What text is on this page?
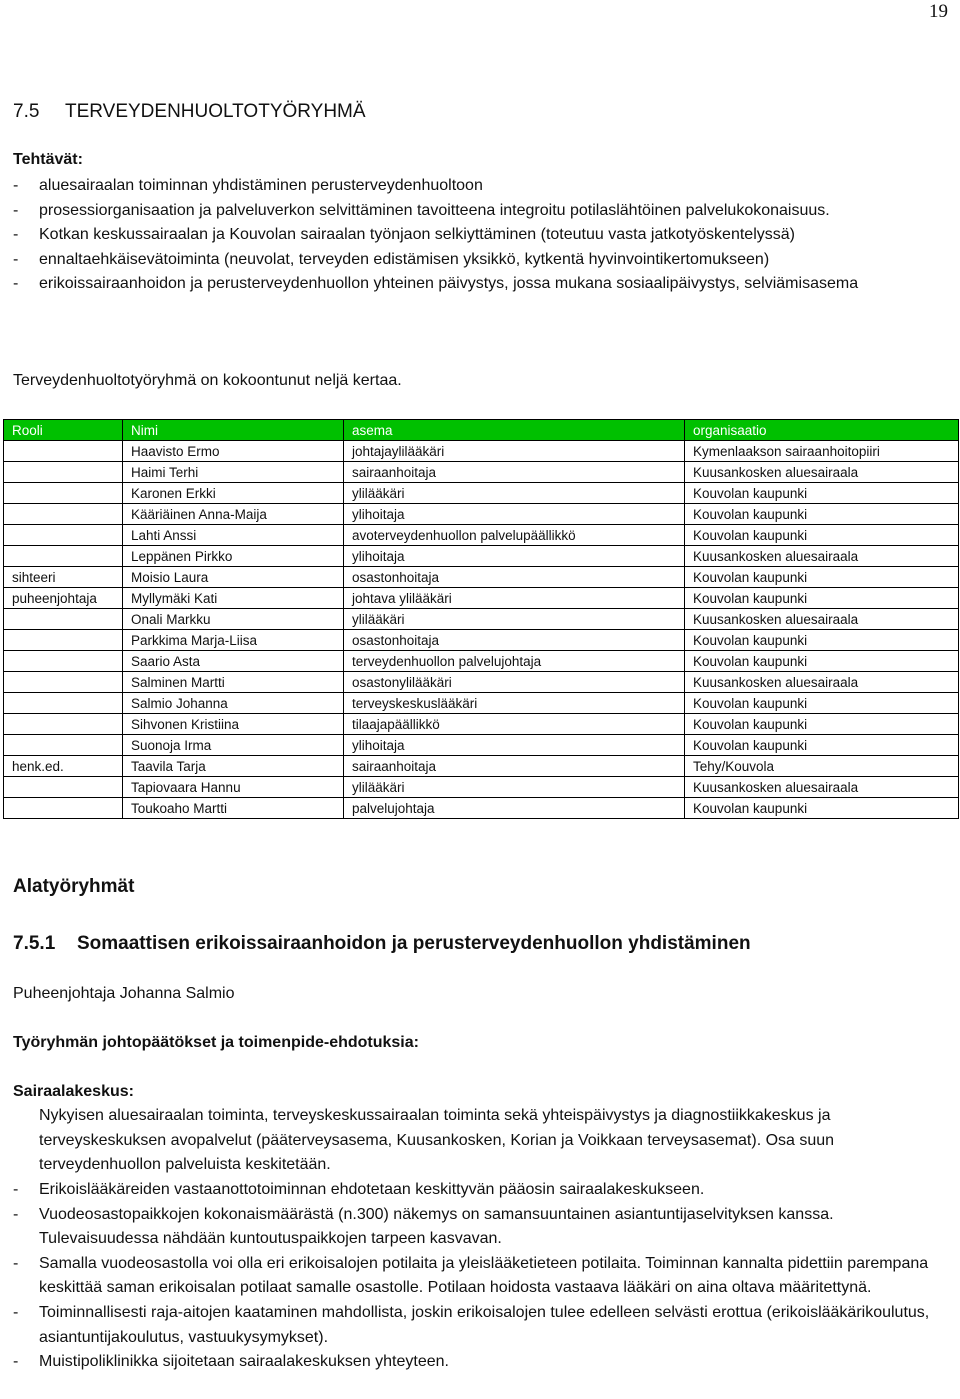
19
7.5 TERVEYDENHUOLTOTYÖRYHMÄ
Tehtävät:
- aluesairaalan toiminnan yhdistäminen perusterveydenhuoltoon
- prosessiorganisaation ja palveluverkon selvittäminen tavoitteena integroitu potilaslähtöinen palvelukokonaisuus.
- Kotkan keskussairaalan ja Kouvolan sairaalan työnjaon selkiyttäminen (toteutuu vasta jatkotyöskentelyssä)
- ennaltaehkäisevätoiminta (neuvolat, terveyden edistämisen yksikkö, kytkentä hyvinvointikertomukseen)
- erikoissairaanhoidon ja perusterveydenhuollon yhteinen päivystys, jossa mukana sosiaalipäivystys, selviämisasema
Terveydenhuoltotyöryhmä on kokoontunut neljä kertaa.
Rooli	Nimi	asema	organisaatio
	Haavisto Ermo	johtajaylilääkäri	Kymenlaakson sairaanhoitopiiri
	Haimi Terhi	sairaanhoitaja	Kuusankosken aluesairaala
	Karonen Erkki	ylilääkäri	Kouvolan kaupunki
	Kääriäinen Anna-Maija	ylihoitaja	Kouvolan kaupunki
	Lahti Anssi	avoterveydenhuollon palvelupäällikkö	Kouvolan kaupunki
	Leppänen Pirkko	ylihoitaja	Kuusankosken aluesairaala
sihteeri	Moisio Laura	osastonhoitaja	Kouvolan kaupunki
puheenjohtaja	Myllymäki Kati	johtava ylilääkäri	Kouvolan kaupunki
	Onali Markku	ylilääkäri	Kuusankosken aluesairaala
	Parkkima Marja-Liisa	osastonhoitaja	Kouvolan kaupunki
	Saario Asta	terveydenhuollon palvelujohtaja	Kouvolan kaupunki
	Salminen Martti	osastonylilääkäri	Kuusankosken aluesairaala
	Salmio Johanna	terveyskeskuslääkäri	Kouvolan kaupunki
	Sihvonen Kristiina	tilaajapäällikkö	Kouvolan kaupunki
	Suonoja Irma	ylihoitaja	Kouvolan kaupunki
henk.ed.	Taavila Tarja	sairaanhoitaja	Tehy/Kouvola
	Tapiovaara Hannu	ylilääkäri	Kuusankosken aluesairaala
	Toukoaho Martti	palvelujohtaja	Kouvolan kaupunki
Alatyöryhmät
7.5.1 Somaattisen erikoissairaanhoidon ja perusterveydenhuollon yhdistäminen
Puheenjohtaja Johanna Salmio
Työryhmän johtopäätökset ja toimenpide-ehdotuksia:
Sairaalakeskus:

Nykyisen aluesairaalan toiminta, terveyskeskussairaalan toiminta sekä yhteispäivystys ja diagnostiikkakeskus ja terveyskeskuksen avopalvelut (pääterveysasema, Kuusankosken, Korian ja Voikkaan terveysasemat). Osa suun terveydenhuollon palveluista keskitetään.

- Erikoislääkäreiden vastaanottotoiminnan ehdotetaan keskittyvän pääosin sairaalakeskukseen.
- Vuodeosastopaikkojen kokonaismäärästä (n.300) näkemys on samansuuntainen asiantuntijaselvityksen kanssa. Tulevaisuudessa nähdään kuntoutuspaikkojen tarpeen kasvavan.
- Samalla vuodeosastolla voi olla eri erikoisalojen potilaita ja yleislääketieteen potilaita. Toiminnan kannalta pidettiin parempana keskittää saman erikoisalan potilaat samalle osastolle. Potilaan hoidosta vastaava lääkäri on aina oltava määritettynä.
- Toiminnallisesti raja-aitojen kaataminen mahdollista, joskin erikoisalojen tulee edelleen selvästi erottua (erikoislääkärikoulutus, asiantuntijakoulutus, vastuukysymykset).
- Muistipoliklinikka sijoitetaan sairaalakeskuksen yhteyteen.
